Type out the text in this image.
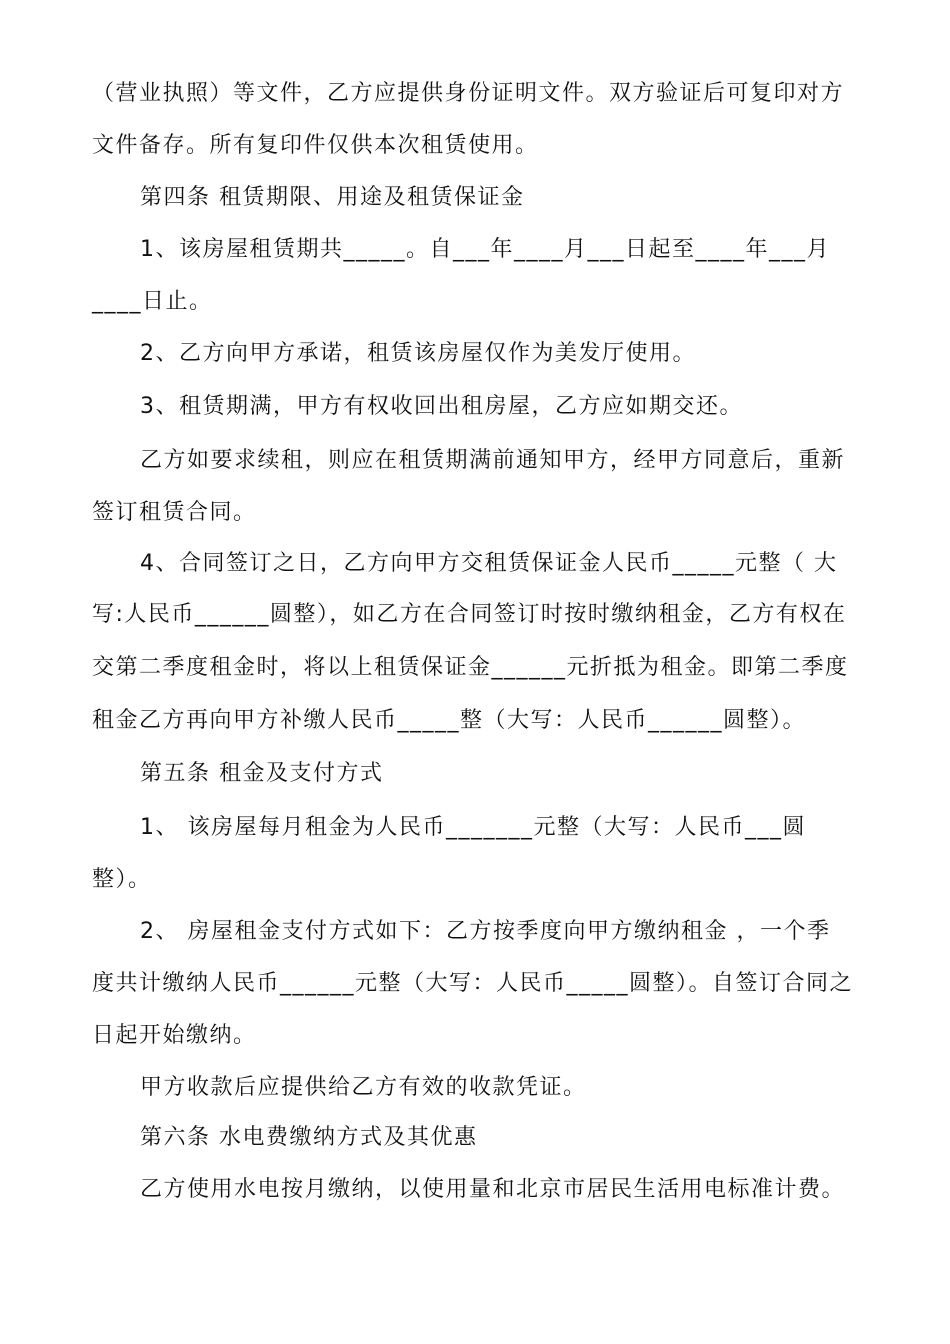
（营业执照）等文件，乙方应提供身份证明文件。双方验证后可复印对方
文件备存。所有复印件仅供本次租赁使用。
第四条 租赁期限、用途及租赁保证金
1、该房屋租赁期共_____。自___年____月___日起至____年___月
____日止。
2、乙方向甲方承诺，租赁该房屋仅作为美发厅使用。
3、租赁期满，甲方有权收回出租房屋，乙方应如期交还。
乙方如要求续租，则应在租赁期满前通知甲方，经甲方同意后，重新
签订租赁合同。
4、合同签订之日，乙方向甲方交租赁保证金人民币_____元整（ 大
写:人民币______圆整），如乙方在合同签订时按时缴纳租金，乙方有权在
交第二季度租金时，将以上租赁保证金______元折抵为租金。即第二季度
租金乙方再向甲方补缴人民币_____整（大写：人民币______圆整）。
第五条 租金及支付方式
1、 该房屋每月租金为人民币_______元整（大写：人民币___圆
整）。
2、 房屋租金支付方式如下：乙方按季度向甲方缴纳租金 ，一个季
度共计缴纳人民币______元整（大写：人民币_____圆整）。自签订合同之
日起开始缴纳。
甲方收款后应提供给乙方有效的收款凭证。
第六条 水电费缴纳方式及其优惠
乙方使用水电按月缴纳，以使用量和北京市居民生活用电标准计费。
